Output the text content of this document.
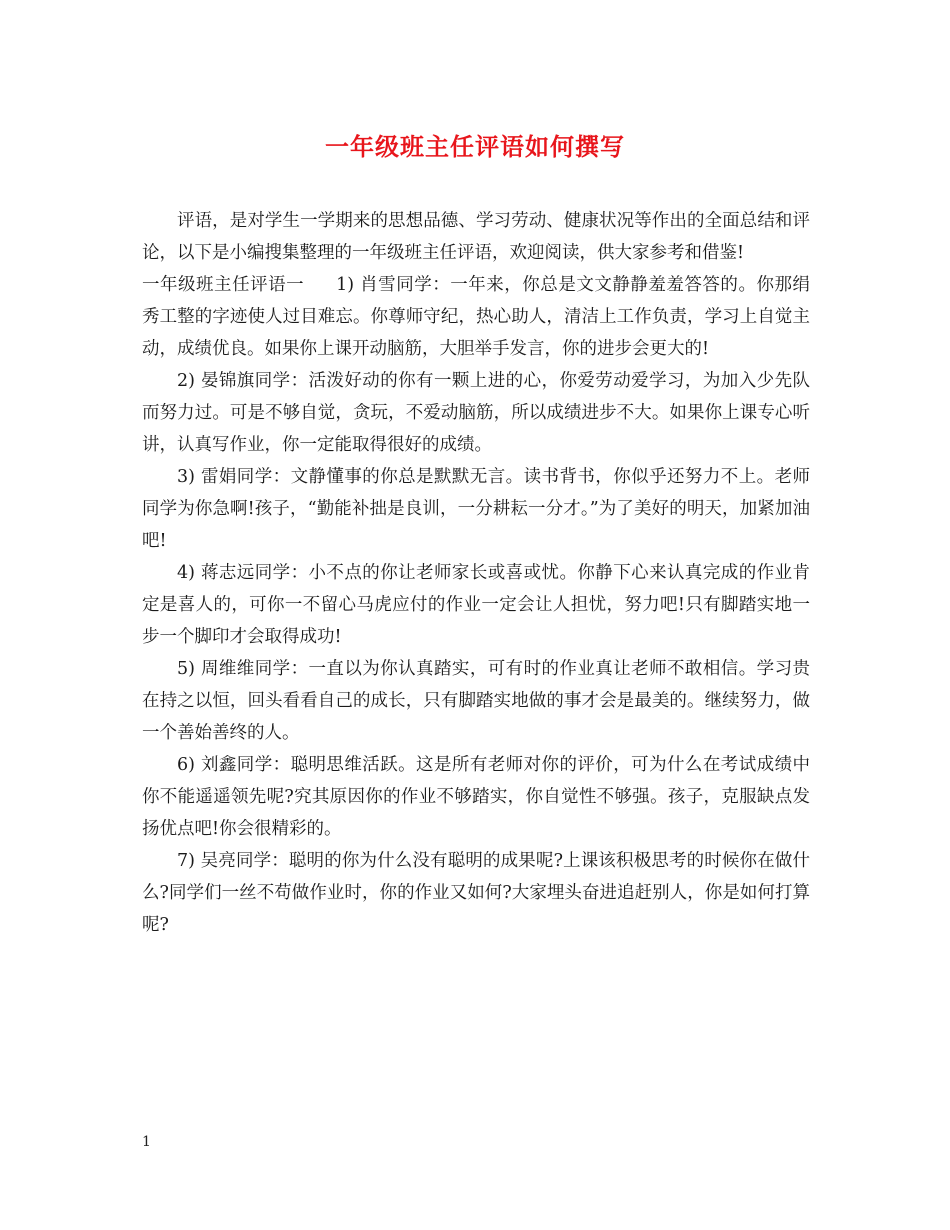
一年级班主任评语如何撰写

评语，是对学生一学期来的思想品德、学习劳动、健康状况等作出的全面总结和评论，以下是小编搜集整理的一年级班主任评语，欢迎阅读，供大家参考和借鉴!

一年级班主任评语一 1) 肖雪同学：一年来，你总是文文静静羞羞答答的。你那绢秀工整的字迹使人过目难忘。你尊师守纪，热心助人，清洁上工作负责，学习上自觉主动，成绩优良。如果你上课开动脑筋，大胆举手发言，你的进步会更大的!

2) 晏锦旗同学：活泼好动的你有一颗上进的心，你爱劳动爱学习，为加入少先队而努力过。可是不够自觉，贪玩，不爱动脑筋，所以成绩进步不大。如果你上课专心听讲，认真写作业，你一定能取得很好的成绩。

3) 雷娟同学：文静懂事的你总是默默无言。读书背书，你似乎还努力不上。老师同学为你急啊!孩子，“勤能补拙是良训，一分耕耘一分才。”为了美好的明天，加紧加油吧!

4) 蒋志远同学：小不点的你让老师家长或喜或忧。你静下心来认真完成的作业肯定是喜人的，可你一不留心马虎应付的作业一定会让人担忧，努力吧!只有脚踏实地一步一个脚印才会取得成功!

5) 周维维同学：一直以为你认真踏实，可有时的作业真让老师不敢相信。学习贵在持之以恒，回头看看自己的成长，只有脚踏实地做的事才会是最美的。继续努力，做一个善始善终的人。

6) 刘鑫同学：聪明思维活跃。这是所有老师对你的评价，可为什么在考试成绩中你不能遥遥领先呢?究其原因你的作业不够踏实，你自觉性不够强。孩子，克服缺点发扬优点吧!你会很精彩的。

7) 吴亮同学：聪明的你为什么没有聪明的成果呢?上课该积极思考的时候你在做什么?同学们一丝不苟做作业时，你的作业又如何?大家埋头奋进追赶别人，你是如何打算呢?

1
